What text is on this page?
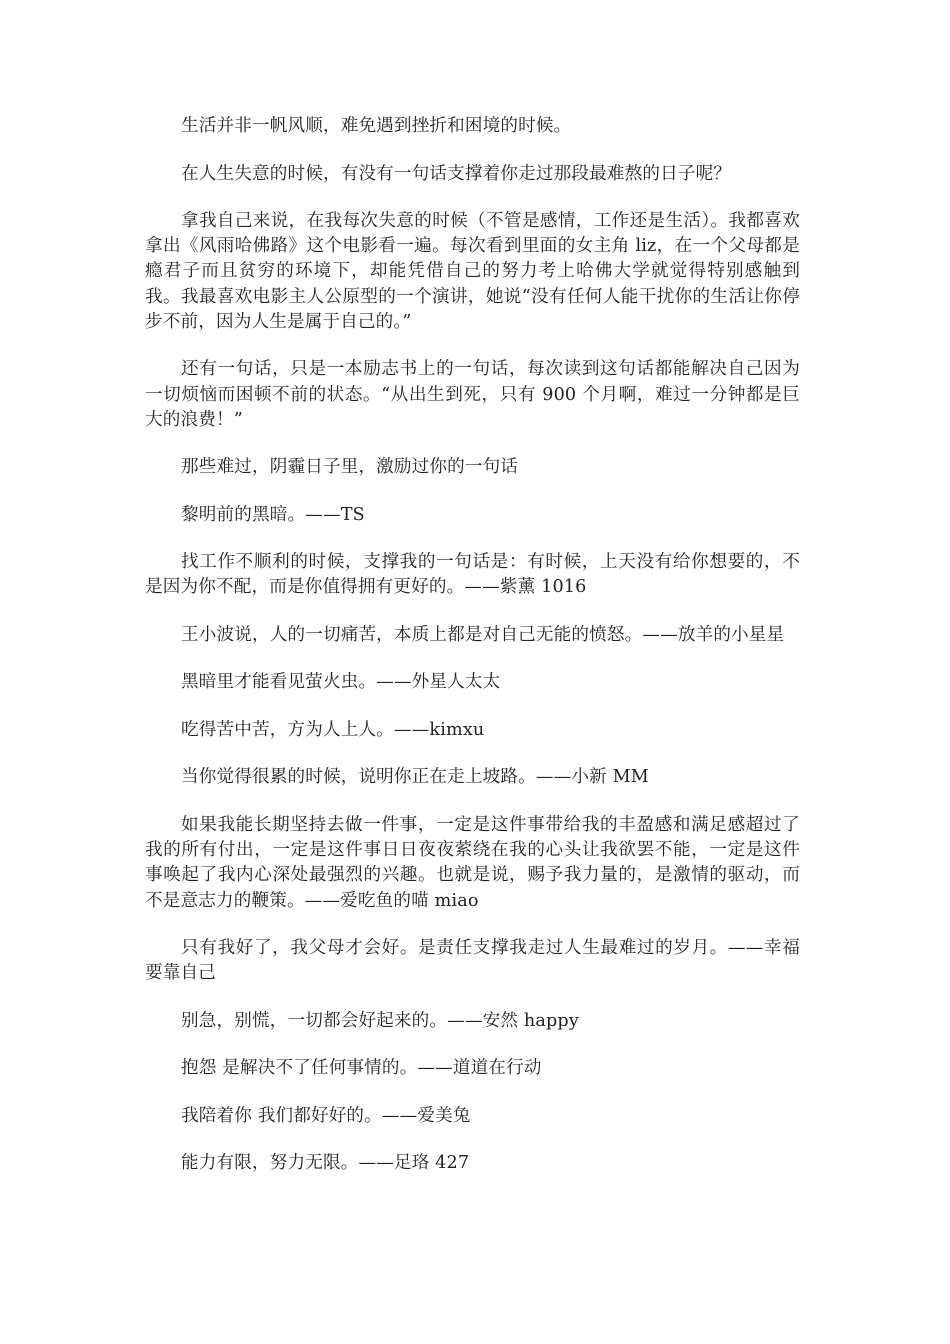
生活并非一帆风顺，难免遇到挫折和困境的时候。

在人生失意的时候，有没有一句话支撑着你走过那段最难熬的日子呢？

拿我自己来说，在我每次失意的时候（不管是感情，工作还是生活）。我都喜欢拿出《风雨哈佛路》这个电影看一遍。每次看到里面的女主角 liz，在一个父母都是瘾君子而且贫穷的环境下，却能凭借自己的努力考上哈佛大学就觉得特别感触到我。我最喜欢电影主人公原型的一个演讲，她说“没有任何人能干扰你的生活让你停步不前，因为人生是属于自己的。”

还有一句话，只是一本励志书上的一句话，每次读到这句话都能解决自己因为一切烦恼而困顿不前的状态。“从出生到死，只有 900 个月啊，难过一分钟都是巨大的浪费！”

那些难过，阴霾日子里，激励过你的一句话

黎明前的黑暗。——TS

找工作不顺利的时候，支撑我的一句话是：有时候，上天没有给你想要的，不是因为你不配，而是你值得拥有更好的。——紫薰 1016

王小波说，人的一切痛苦，本质上都是对自己无能的愤怒。——放羊的小星星

黑暗里才能看见萤火虫。——外星人太太

吃得苦中苦，方为人上人。——kimxu

当你觉得很累的时候，说明你正在走上坡路。——小新 MM

如果我能长期坚持去做一件事，一定是这件事带给我的丰盈感和满足感超过了我的所有付出，一定是这件事日日夜夜萦绕在我的心头让我欲罢不能，一定是这件事唤起了我内心深处最强烈的兴趣。也就是说，赐予我力量的，是激情的驱动，而不是意志力的鞭策。——爱吃鱼的喵 miao

只有我好了，我父母才会好。是责任支撑我走过人生最难过的岁月。——幸福要靠自己

别急，别慌，一切都会好起来的。——安然 happy

抱怨 是解决不了任何事情的。——道道在行动

我陪着你 我们都好好的。——爱美兔

能力有限，努力无限。——足珞 427
